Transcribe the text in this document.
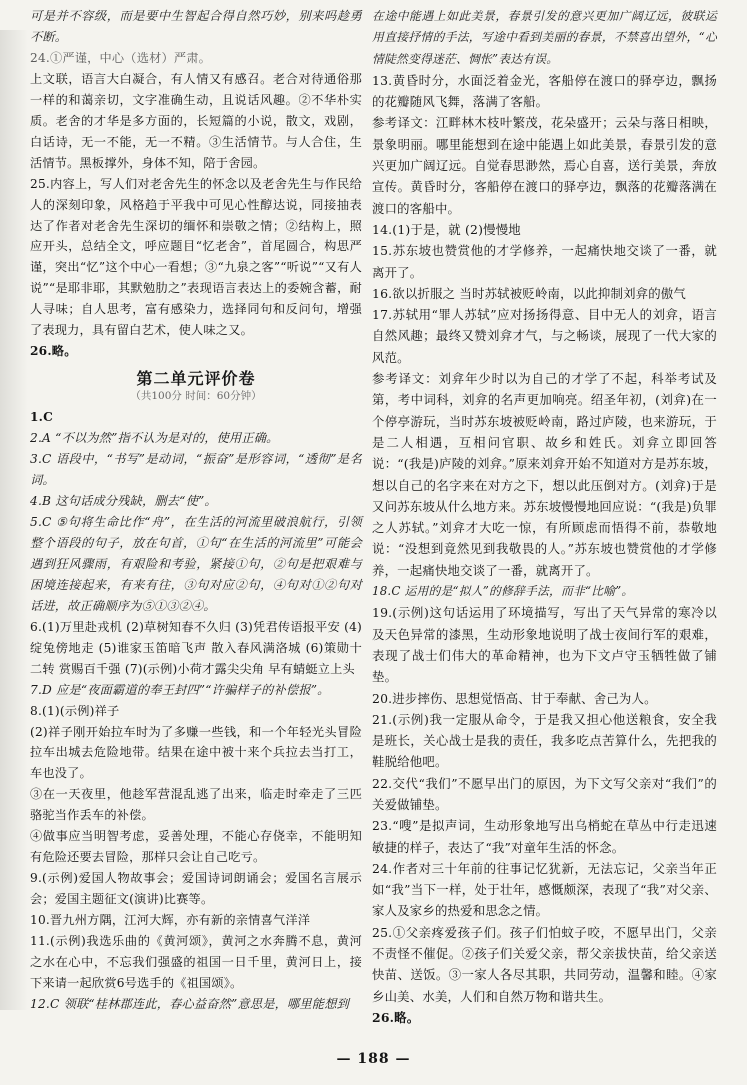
可是并不容级，而是要中生智起合得自然巧妙，别来吗趁勇不断。

24.①严谨，中心（选材）严肃。

上文联，语言大白凝合，有人情又有感召。老合对待通俗那一样的和蔼亲切，文字准确生动，且说话风趣。②不华朴实质。老舍的才华是多方面的，长短篇的小说，散文，戏剧，白话诗，无一不能，无一不精。③生活情节。与人合住，生活情节。黑板撑外，身体不知，陪于舍园。

25.内容上，写人们对老舍先生的怀念以及老舍先生与作民给人的深刻印象，风格趋于平我中可见心性醇达说，同接抽表达了作者对老舍先生深切的缅怀和崇敬之情；②结构上，照应开头，总结全文，呼应题目“忆老舍”，首尾圆合，构思严谨，突出“忆”这个中心一看想；③“九泉之客”“听说”“又有人说”“是耶非耶，其默勉肋之”表现语言表达上的委婉含蓄，耐人寻味；自人思考，富有感染力，选择同句和反问句，增强了表现力，具有留白艺术，使人味之又。

26.略。

第二单元评价卷
（共100分 时间：60分钟）

1.C

2.A “不以为然”指不认为是对的，使用正确。

3.C 语段中，“书写”是动词，“振奋”是形容词，“透彻”是名词。

4.B 这句话成分残缺，删去“使”。

5.C ⑤句将生命比作“舟”，在生活的河流里破浪航行，引领整个语段的句子，放在句首，①句“在生活的河流里”可能会遇到狂风骤雨，有艰险和考验，紧接①句，②句是把艰难与困境连接起来，有来有往，③句对应②句，④句对①②句对话进，故正确顺序为⑤①③②④。

6.(1)万里赴戎机 (2)草树知春不久归 (3)凭君传语报平安 (4)绽兔傍地走 (5)谁家玉笛暗飞声 散入春风满洛城 (6)策勋十二转 赏赐百千强 (7)(示例)小荷才露尖尖角 早有蜻蜓立上头

7.D 应是“夜面霸道的奉王封四”“许骗样子的补偿报”。

8.(1)(示例)祥子

(2)祥子刚开始拉车时为了多赚一些钱，和一个年轻光头冒险拉车出城去危险地带。结果在途中被十来个兵拉去当打工，车也没了。

③在一天夜里，他趁军营混乱逃了出来，临走时牵走了三匹骆驼当作丢车的补偿。

④做事应当明智考虑，妥善处理，不能心存侥幸，不能明知有危险还要去冒险，那样只会让自己吃亏。

9.(示例)爱国人物故事会；爱国诗词朗诵会；爱国名言展示会；爱国主题征文(演讲)比赛等。

10.晋九州方隅，江河大辉，亦有新的亲情喜气洋洋

11.(示例)我选乐曲的《黄河颂》，黄河之水奔腾不息，黄河之水在心中，不忘我们强盛的祖国一日千里，黄河日上，接下来请一起欣赏6号选手的《祖国颂》。

12.C 领联“桂林郡连此，春心益奋然”意思是，哪里能想到

在途中能遇上如此美景，春景引发的意兴更加广阔辽远，彼联运用直接抒情的手法，写途中看到美丽的春景，不禁喜出望外，“心情陡然变得迷茫、惆怅”表达有误。

13.黄昏时分，水面泛着金光，客船停在渡口的驿亭边，飘扬的花瓣随风飞舞，落满了客船。

参考译文：江畔林木枝叶繁茂，花朵盛开；云朵与落日相映，景象明丽。哪里能想到在途中能遇上如此美景，春景引发的意兴更加广阔辽远。自觉春思渺然，焉心自喜，送行美景，奔放宣传。黄昏时分，客船停在渡口的驿亭边，飘落的花瓣落满在渡口的客船中。

14.(1)于是，就 (2)慢慢地

15.苏东坡也赞赏他的才学修养，一起痛快地交谈了一番，就离开了。

16.欲以折服之 当时苏轼被贬岭南，以此抑制刘弇的傲气

17.苏轼用“罪人苏轼”应对扬扬得意、目中无人的刘弇，语言自然风趣；最终又赞刘弇才气，与之畅谈，展现了一代大家的风范。

参考译文：刘弇年少时以为自己的才学了不起，科举考试及第，考中词科，刘弇的名声更加响亮。绍圣年初，(刘弇)在一个停亭游玩，当时苏东坡被贬岭南，路过庐陵，也来游玩，于是二人相遇，互相问官职、故乡和姓氏。刘弇立即回答说：“(我是)庐陵的刘弇。”原来刘弇开始不知道对方是苏东坡，想以自己的名字来在对方之下，想以此压倒对方。(刘弇)于是又问苏东坡从什么地方来。苏东坡慢慢地回应说：“(我是)负罪之人苏轼。”刘弇才大吃一惊，有所顾虑而悟得不前，恭敬地说：“没想到竟然见到我敬畏的人。”苏东坡也赞赏他的才学修养，一起痛快地交谈了一番，就离开了。

18.C 运用的是“拟人”的修辞手法，而非“比喻”。

19.(示例)这句话运用了环境描写，写出了天气异常的寒冷以及天色异常的漆黑，生动形象地说明了战士夜间行军的艰难，表现了战士们伟大的革命精神，也为下文卢守玉牺牲做了铺垫。

20.进步摔伤、思想觉悟高、甘于奉献、舍己为人。

21.(示例)我一定服从命令，于是我又担心他送粮食，安全我是班长，关心战士是我的责任，我多吃点苦算什么，先把我的鞋脱给他吧。

22.交代“我们”不愿早出门的原因，为下文写父亲对“我们”的关爱做铺垫。

23.“嗖”是拟声词，生动形象地写出乌梢蛇在草丛中行走迅速敏捷的样子，表达了“我”对童年生活的怀念。

24.作者对三十年前的往事记忆犹新，无法忘记，父亲当年正如“我”当下一样，处于壮年，感慨颇深，表现了“我”对父亲、家人及家乡的热爱和思念之情。

25.①父亲疼爱孩子们。孩子们怕蚊子咬，不愿早出门，父亲不责怪不催促。②孩子们关爱父亲，帮父亲拔快苗，给父亲送快苗、送饭。③一家人各尽其职，共同劳动，温馨和睦。④家乡山美、水美，人们和自然万物和谐共生。

26.略。

— 188 —
